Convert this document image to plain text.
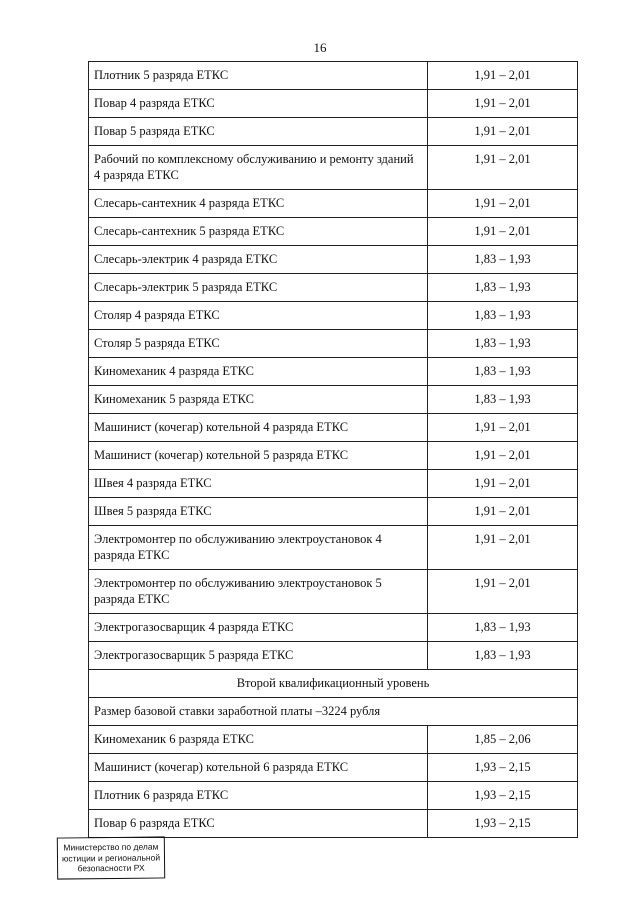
16
Плотник 5 разряда ЕТКС	1,91 – 2,01
Повар 4 разряда ЕТКС	1,91 – 2,01
Повар 5 разряда ЕТКС	1,91 – 2,01
Рабочий по комплексному обслуживанию и ремонту зданий 4 разряда ЕТКС	1,91 – 2,01
Слесарь-сантехник 4 разряда ЕТКС	1,91 – 2,01
Слесарь-сантехник 5 разряда ЕТКС	1,91 – 2,01
Слесарь-электрик 4 разряда ЕТКС	1,83 – 1,93
Слесарь-электрик 5 разряда ЕТКС	1,83 – 1,93
Столяр 4 разряда ЕТКС	1,83 – 1,93
Столяр 5 разряда ЕТКС	1,83 – 1,93
Киномеханик 4 разряда ЕТКС	1,83 – 1,93
Киномеханик 5 разряда ЕТКС	1,83 – 1,93
Машинист (кочегар) котельной 4 разряда ЕТКС	1,91 – 2,01
Машинист (кочегар) котельной 5 разряда ЕТКС	1,91 – 2,01
Швея 4 разряда ЕТКС	1,91 – 2,01
Швея 5 разряда ЕТКС	1,91 – 2,01
Электромонтер по обслуживанию электроустановок 4 разряда ЕТКС	1,91 – 2,01
Электромонтер по обслуживанию электроустановок 5 разряда ЕТКС	1,91 – 2,01
Электрогазосварщик 4 разряда ЕТКС	1,83 – 1,93
Электрогазосварщик 5 разряда ЕТКС	1,83 – 1,93
Второй квалификационный уровень	
Размер базовой ставки заработной платы –3224 рубля	
Киномеханик 6 разряда ЕТКС	1,85 – 2,06
Машинист (кочегар) котельной 6 разряда ЕТКС	1,93 – 2,15
Плотник 6 разряда ЕТКС	1,93 – 2,15
Повар 6 разряда ЕТКС	1,93 – 2,15
Министерство по делам
юстиции и региональной
безопасности РХ
